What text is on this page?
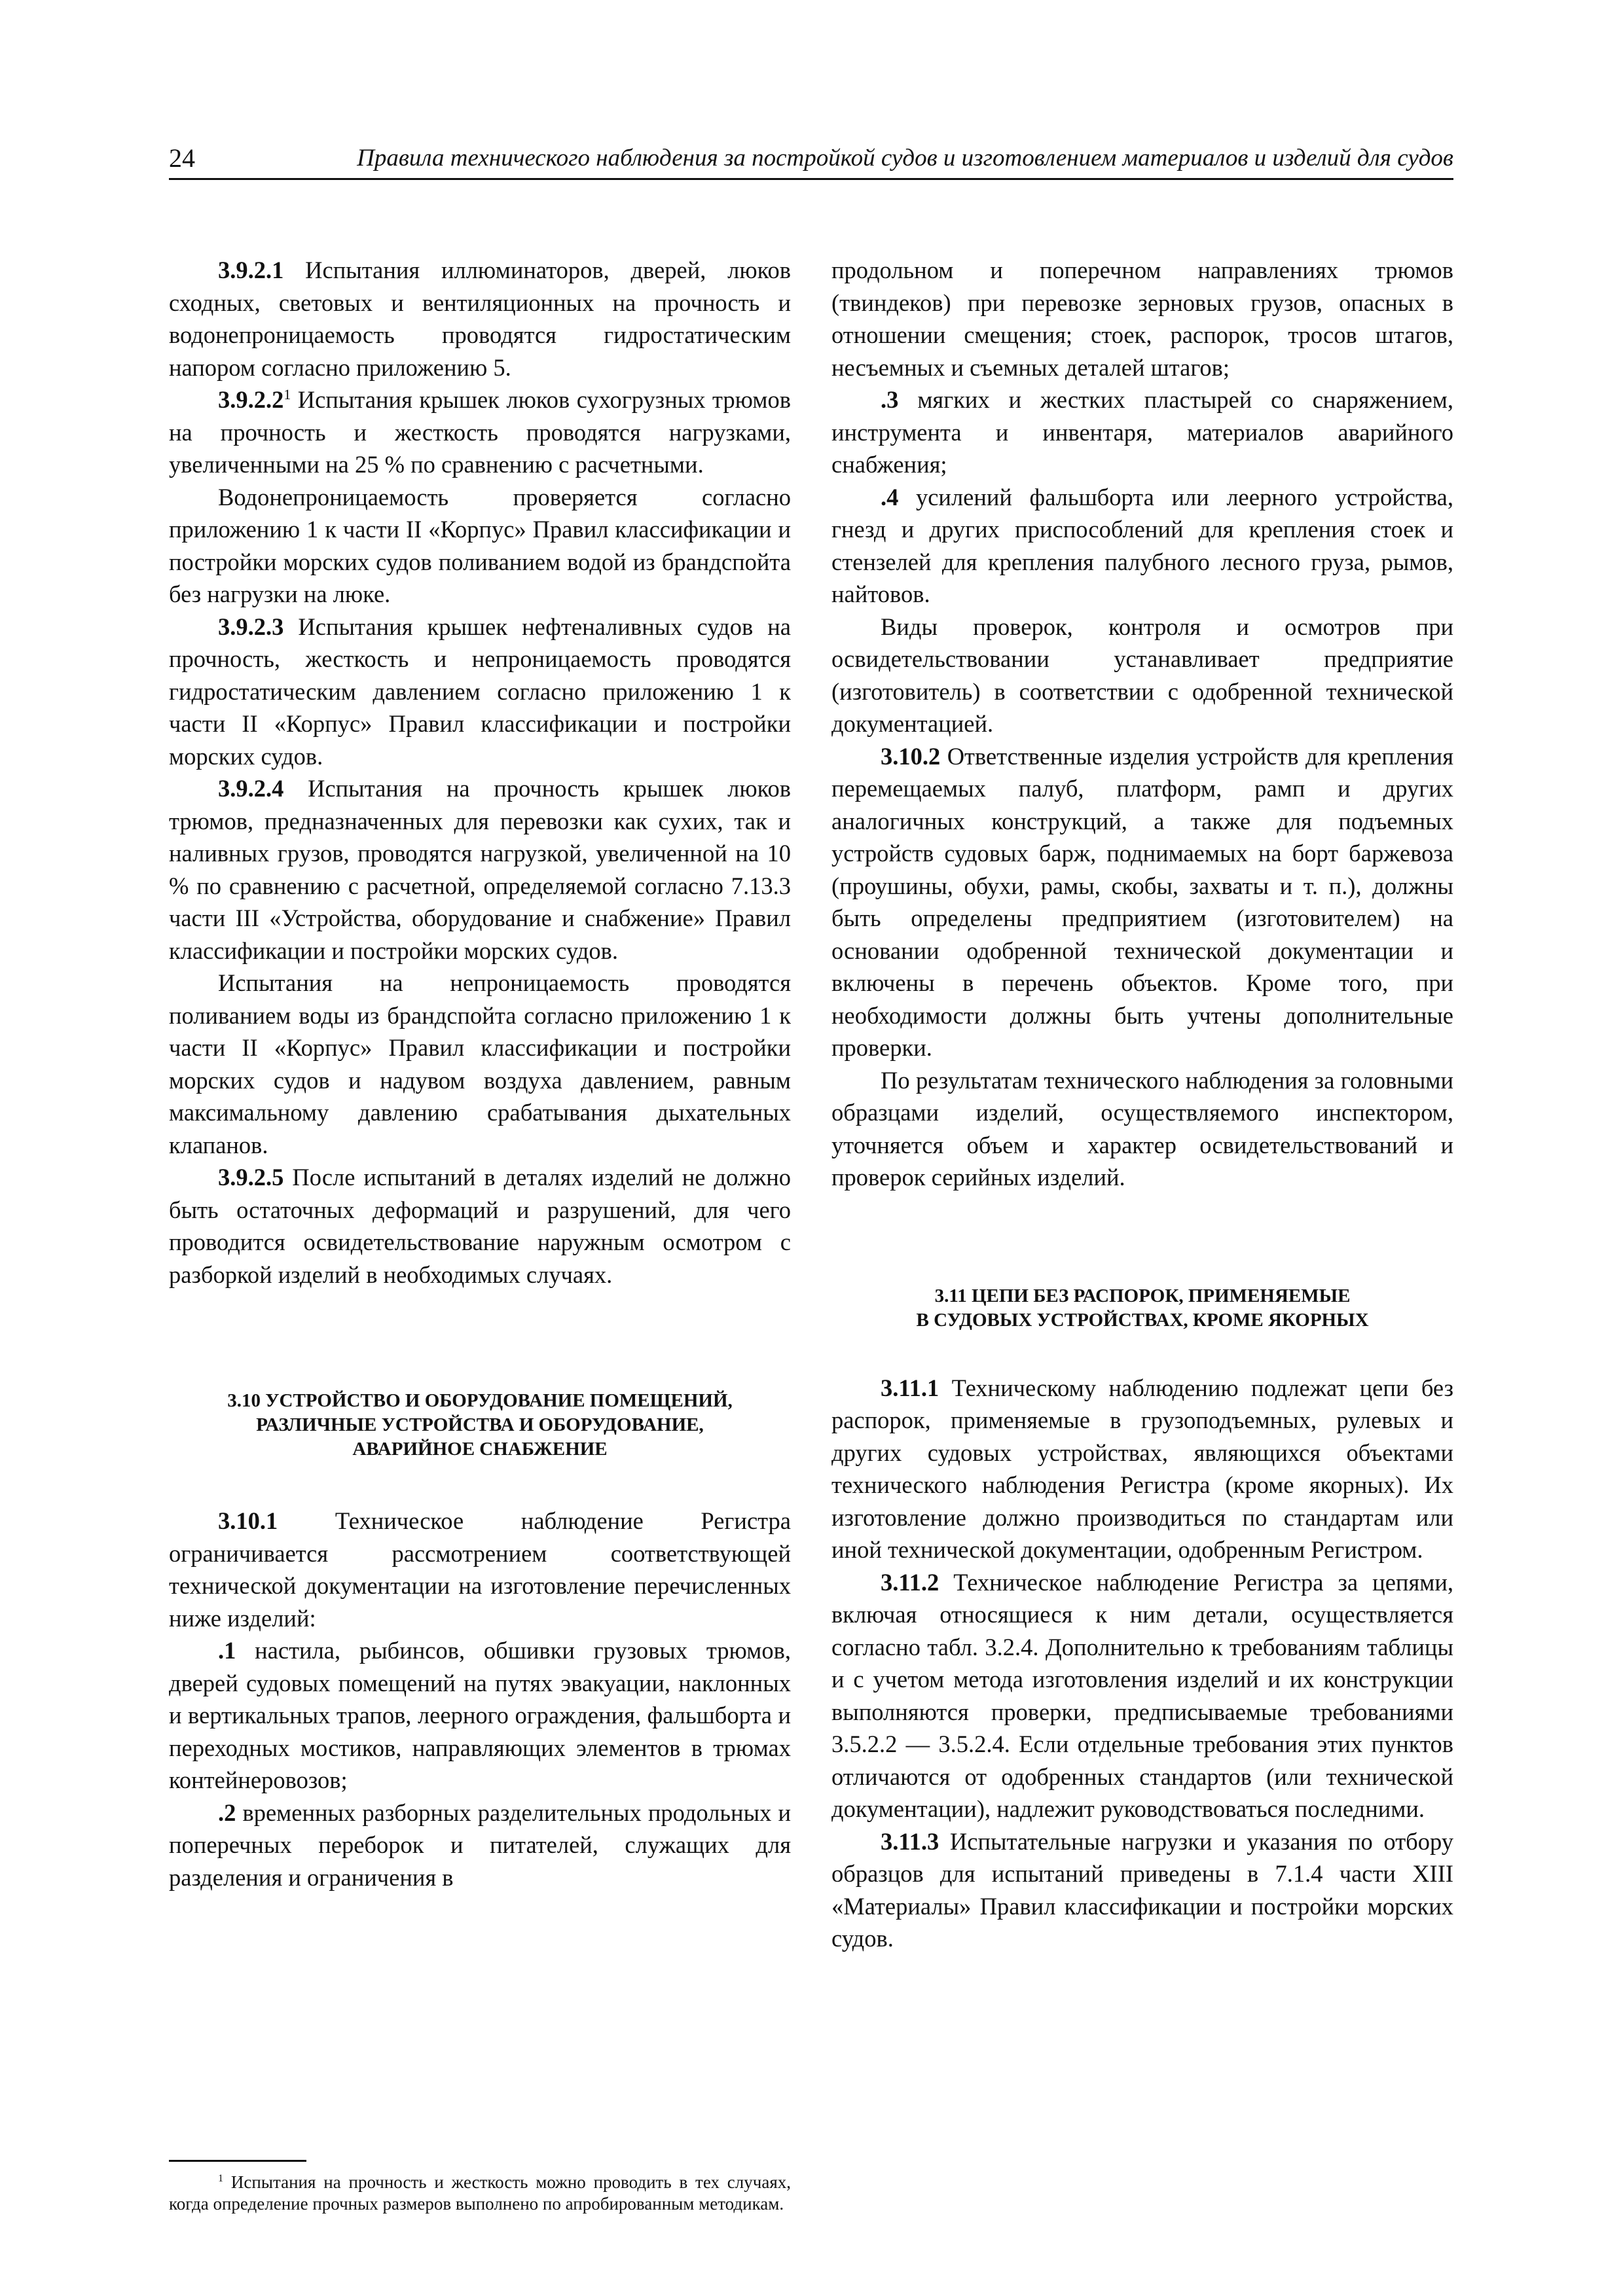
24	Правила технического наблюдения за постройкой судов и изготовлением материалов и изделий для судов

3.9.2.1 Испытания иллюминаторов, дверей, люков сходных, световых и вентиляционных на прочность и водонепроницаемость проводятся гидростатическим напором согласно приложению 5.

3.9.2.2$^1$ Испытания крышек люков сухогрузных трюмов на прочность и жесткость проводятся нагрузками, увеличенными на 25 % по сравнению с расчетными.

Водонепроницаемость проверяется согласно приложению 1 к части II «Корпус» Правил классификации и постройки морских судов поливанием водой из брандспойта без нагрузки на люке.

3.9.2.3 Испытания крышек нефтеналивных судов на прочность, жесткость и непроницаемость проводятся гидростатическим давлением согласно приложению 1 к части II «Корпус» Правил классификации и постройки морских судов.

3.9.2.4 Испытания на прочность крышек люков трюмов, предназначенных для перевозки как сухих, так и наливных грузов, проводятся нагрузкой, увеличенной на 10 % по сравнению с расчетной, определяемой согласно 7.13.3 части III «Устройства, оборудование и снабжение» Правил классификации и постройки морских судов.

Испытания на непроницаемость проводятся поливанием воды из брандспойта согласно приложению 1 к части II «Корпус» Правил классификации и постройки морских судов и надувом воздуха давлением, равным максимальному давлению срабатывания дыхательных клапанов.

3.9.2.5 После испытаний в деталях изделий не должно быть остаточных деформаций и разрушений, для чего проводится освидетельствование наружным осмотром с разборкой изделий в необходимых случаях.

3.10 УСТРОЙСТВО И ОБОРУДОВАНИЕ ПОМЕЩЕНИЙ,
РАЗЛИЧНЫЕ УСТРОЙСТВА И ОБОРУДОВАНИЕ,
АВАРИЙНОЕ СНАБЖЕНИЕ

3.10.1 Техническое наблюдение Регистра ограничивается рассмотрением соответствующей технической документации на изготовление перечисленных ниже изделий:

.1 настила, рыбинсов, обшивки грузовых трюмов, дверей судовых помещений на путях эвакуации, наклонных и вертикальных трапов, леерного ограждения, фальшборта и переходных мостиков, направляющих элементов в трюмах контейнеровозов;

.2 временных разборных разделительных продольных и поперечных переборок и питателей, служащих для разделения и ограничения в

$^1$ Испытания на прочность и жесткость можно проводить в тех случаях, когда определение прочных размеров выполнено по апробированным методикам.

продольном и поперечном направлениях трюмов (твиндеков) при перевозке зерновых грузов, опасных в отношении смещения; стоек, распорок, тросов штагов, несъемных и съемных деталей штагов;

.3 мягких и жестких пластырей со снаряжением, инструмента и инвентаря, материалов аварийного снабжения;

.4 усилений фальшборта или леерного устройства, гнезд и других приспособлений для крепления стоек и стензелей для крепления палубного лесного груза, рымов, найтовов.

Виды проверок, контроля и осмотров при освидетельствовании устанавливает предприятие (изготовитель) в соответствии с одобренной технической документацией.

3.10.2 Ответственные изделия устройств для крепления перемещаемых палуб, платформ, рамп и других аналогичных конструкций, а также для подъемных устройств судовых барж, поднимаемых на борт баржевоза (проушины, обухи, рамы, скобы, захваты и т. п.), должны быть определены предприятием (изготовителем) на основании одобренной технической документации и включены в перечень объектов. Кроме того, при необходимости должны быть учтены дополнительные проверки.

По результатам технического наблюдения за головными образцами изделий, осуществляемого инспектором, уточняется объем и характер освидетельствований и проверок серийных изделий.

3.11 ЦЕПИ БЕЗ РАСПОРОК, ПРИМЕНЯЕМЫЕ
В СУДОВЫХ УСТРОЙСТВАХ, КРОМЕ ЯКОРНЫХ

3.11.1 Техническому наблюдению подлежат цепи без распорок, применяемые в грузоподъемных, рулевых и других судовых устройствах, являющихся объектами технического наблюдения Регистра (кроме якорных). Их изготовление должно производиться по стандартам или иной технической документации, одобренным Регистром.

3.11.2 Техническое наблюдение Регистра за цепями, включая относящиеся к ним детали, осуществляется согласно табл. 3.2.4. Дополнительно к требованиям таблицы и с учетом метода изготовления изделий и их конструкции выполняются проверки, предписываемые требованиями 3.5.2.2 — 3.5.2.4. Если отдельные требования этих пунктов отличаются от одобренных стандартов (или технической документации), надлежит руководствоваться последними.

3.11.3 Испытательные нагрузки и указания по отбору образцов для испытаний приведены в 7.1.4 части XIII «Материалы» Правил классификации и постройки морских судов.
